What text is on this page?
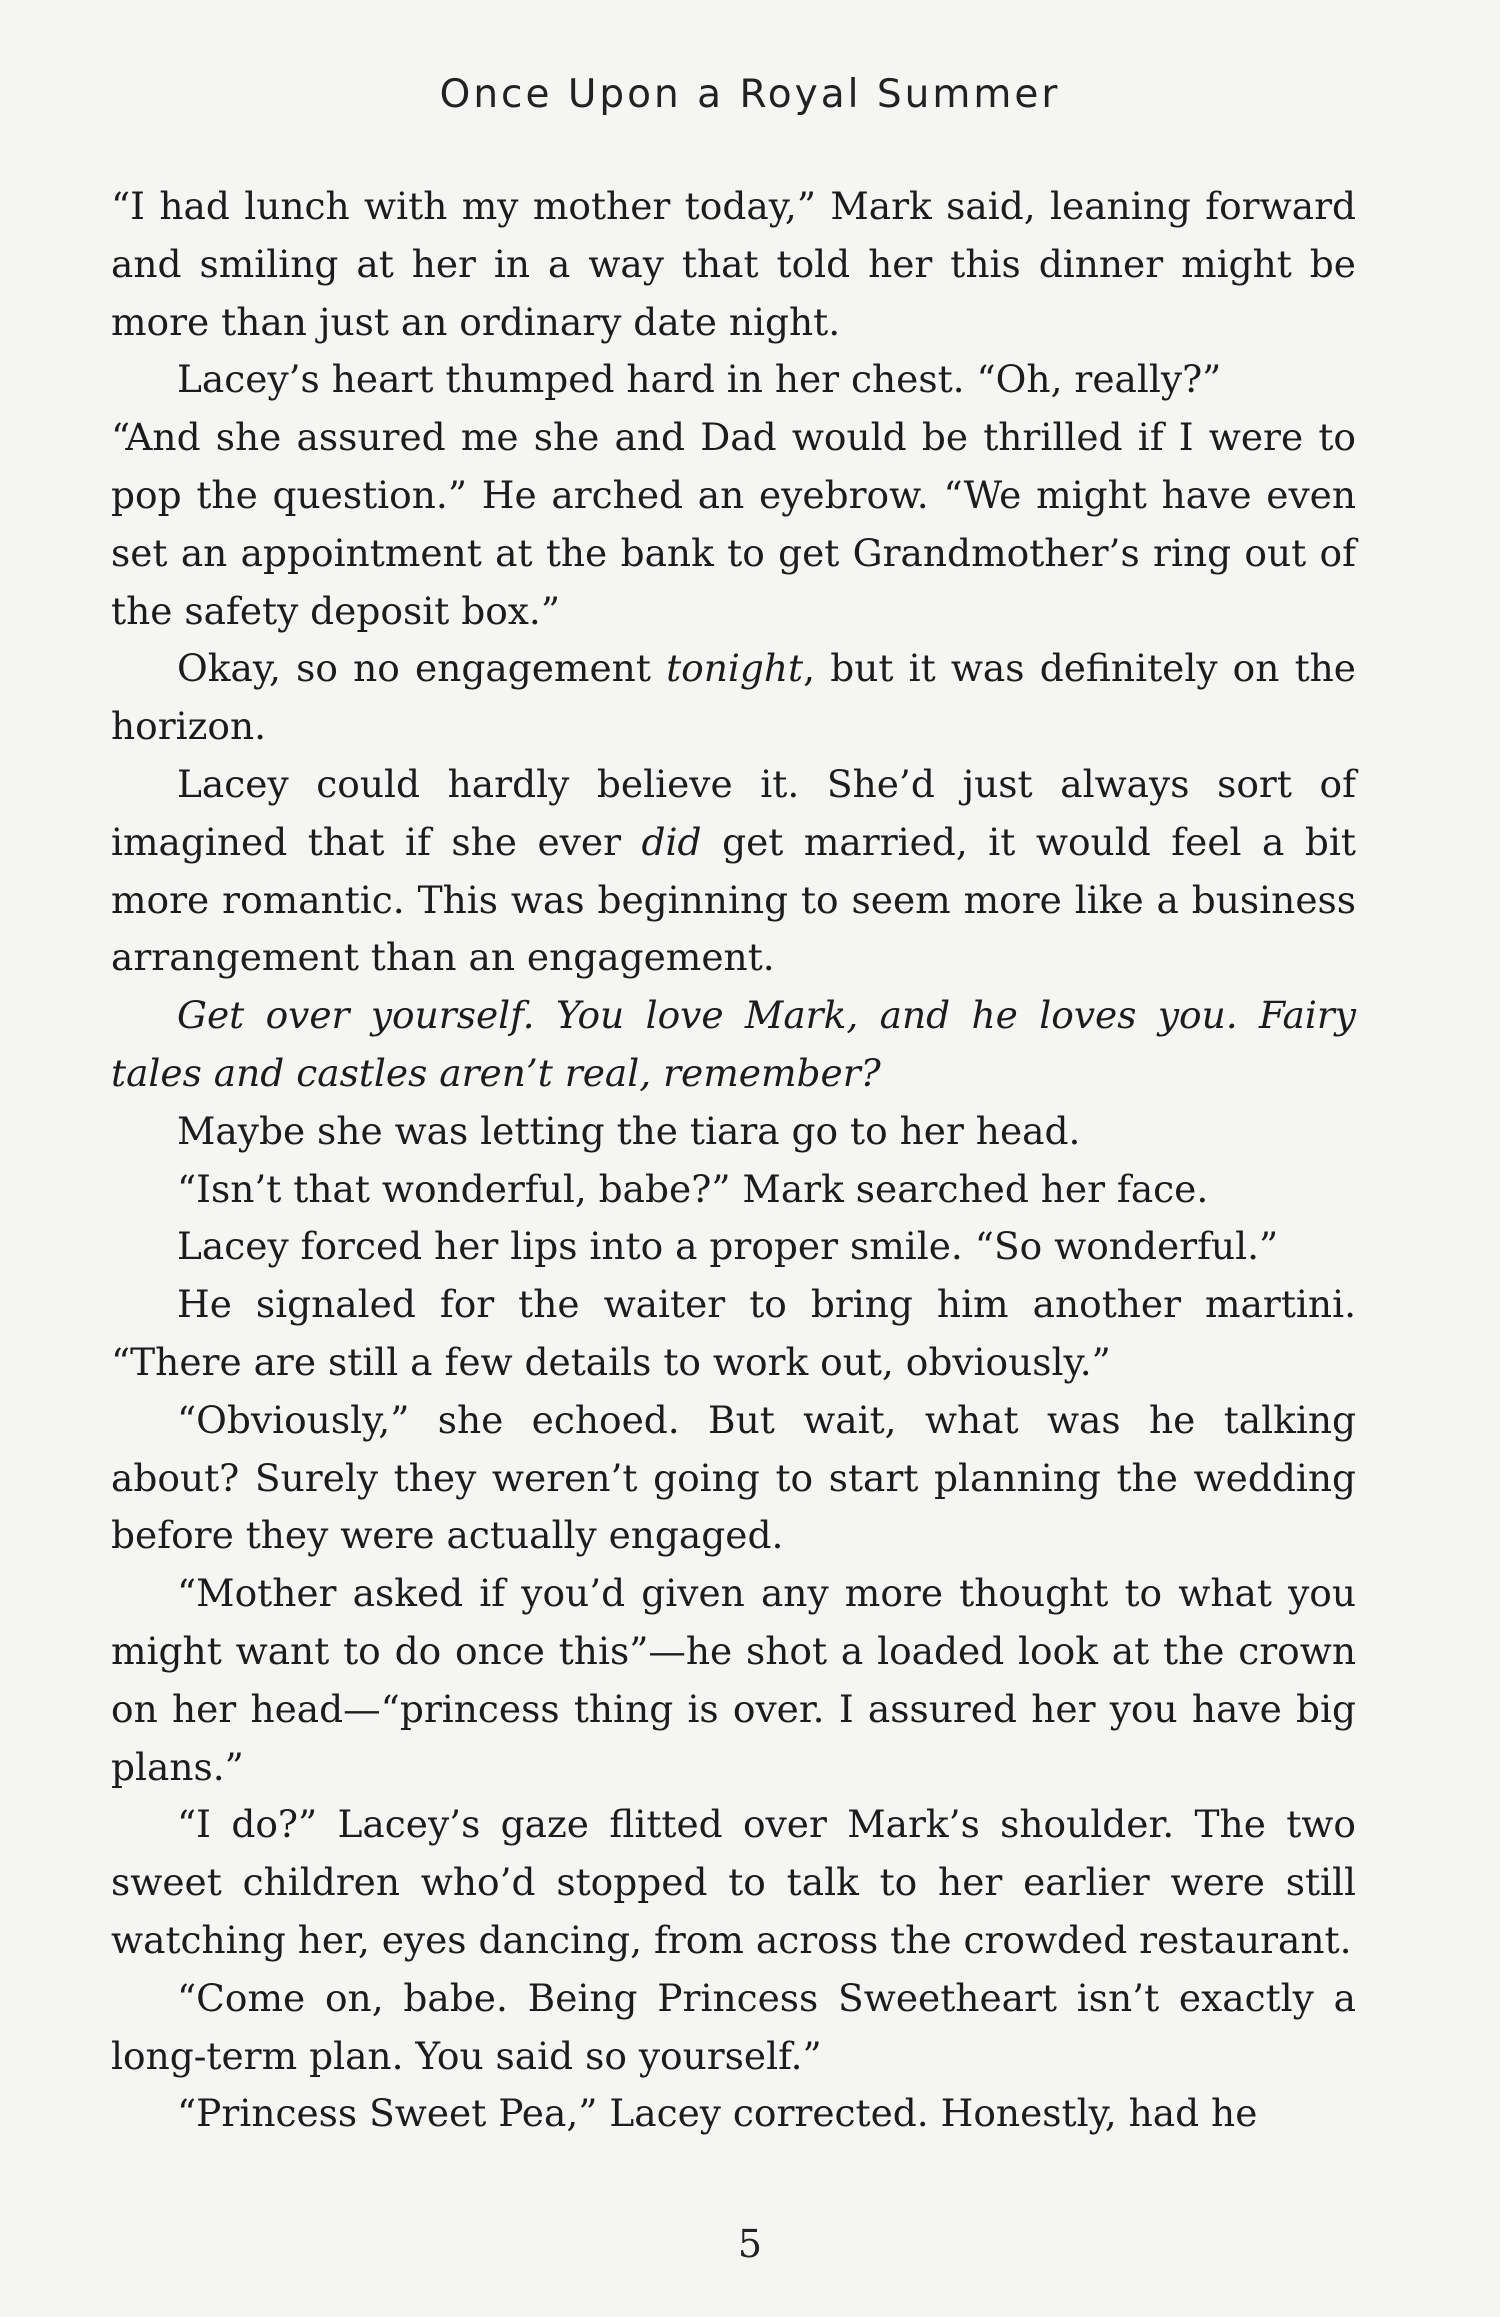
Once Upon a Royal Summer

“I had lunch with my mother today,” Mark said, leaning forward and smiling at her in a way that told her this dinner might be more than just an ordinary date night.

Lacey’s heart thumped hard in her chest. “Oh, really?”

“And she assured me she and Dad would be thrilled if I were to pop the question.” He arched an eyebrow. “We might have even set an appointment at the bank to get Grandmother’s ring out of the safety deposit box.”

Okay, so no engagement tonight, but it was definitely on the horizon.

Lacey could hardly believe it. She’d just always sort of imagined that if she ever did get married, it would feel a bit more romantic. This was beginning to seem more like a business arrangement than an engagement.

Get over yourself. You love Mark, and he loves you. Fairy tales and castles aren’t real, remember?

Maybe she was letting the tiara go to her head.

“Isn’t that wonderful, babe?” Mark searched her face.

Lacey forced her lips into a proper smile. “So wonderful.”

He signaled for the waiter to bring him another martini. “There are still a few details to work out, obviously.”

“Obviously,” she echoed. But wait, what was he talking about? Surely they weren’t going to start planning the wedding before they were actually engaged.

“Mother asked if you’d given any more thought to what you might want to do once this”—he shot a loaded look at the crown on her head—“princess thing is over. I assured her you have big plans.”

“I do?” Lacey’s gaze flitted over Mark’s shoulder. The two sweet children who’d stopped to talk to her earlier were still watching her, eyes dancing, from across the crowded restaurant.

“Come on, babe. Being Princess Sweetheart isn’t exactly a long-term plan. You said so yourself.”

“Princess Sweet Pea,” Lacey corrected. Honestly, had he

5
